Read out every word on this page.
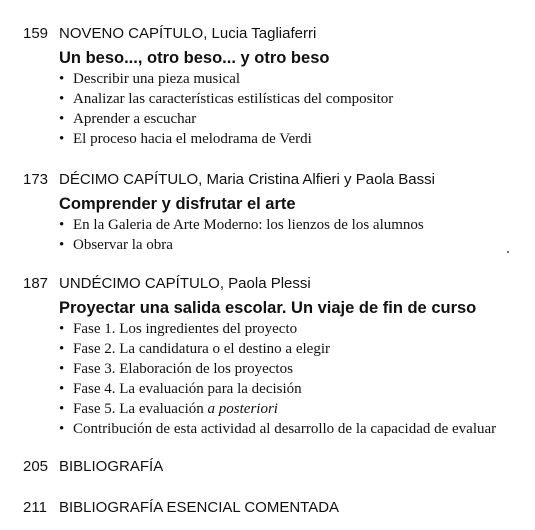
159 NOVENO CAPÍTULO, Lucia Tagliaferri
Un beso..., otro beso... y otro beso
• Describir una pieza musical
• Analizar las características estilísticas del compositor
• Aprender a escuchar
• El proceso hacia el melodrama de Verdi
173 DÉCIMO CAPÍTULO, Maria Cristina Alfieri y Paola Bassi
Comprender y disfrutar el arte
• En la Galeria de Arte Moderno: los lienzos de los alumnos
• Observar la obra
187 UNDÉCIMO CAPÍTULO, Paola Plessi
Proyectar una salida escolar. Un viaje de fin de curso
• Fase 1. Los ingredientes del proyecto
• Fase 2. La candidatura o el destino a elegir
• Fase 3. Elaboración de los proyectos
• Fase 4. La evaluación para la decisión
• Fase 5. La evaluación a posteriori
• Contribución de esta actividad al desarrollo de la capacidad de evaluar
205 BIBLIOGRAFÍA
211 BIBLIOGRAFÍA ESENCIAL COMENTADA
